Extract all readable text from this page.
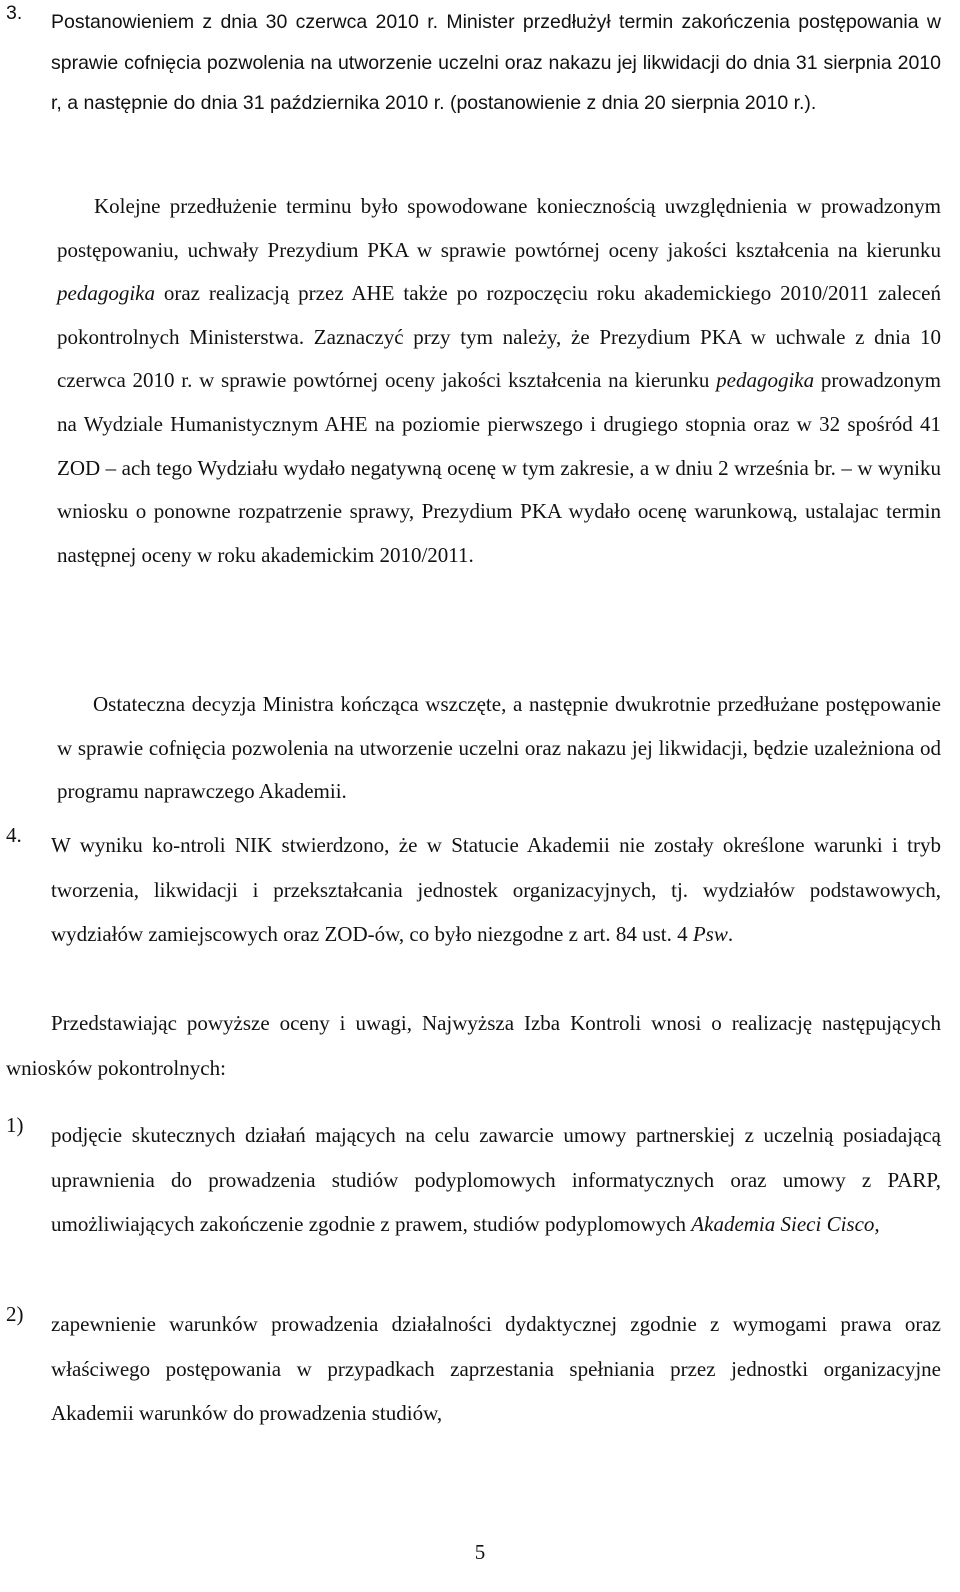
3. Postanowieniem z dnia 30 czerwca 2010 r. Minister przedłużył termin zakończenia postępowania w sprawie cofnięcia pozwolenia na utworzenie uczelni oraz nakazu jej likwidacji do dnia 31 sierpnia 2010 r, a następnie do dnia 31 października 2010 r. (postanowienie z dnia 20 sierpnia 2010 r.).

Kolejne przedłużenie terminu było spowodowane koniecznością uwzględnienia w prowadzonym postępowaniu, uchwały Prezydium PKA w sprawie powtórnej oceny jakości kształcenia na kierunku pedagogika oraz realizacją przez AHE także po rozpoczęciu roku akademickiego 2010/2011 zaleceń pokontrolnych Ministerstwa. Zaznaczyć przy tym należy, że Prezydium PKA w uchwale z dnia 10 czerwca 2010 r. w sprawie powtórnej oceny jakości kształcenia na kierunku pedagogika prowadzonym na Wydziale Humanistycznym AHE na poziomie pierwszego i drugiego stopnia oraz w 32 spośród 41 ZOD – ach tego Wydziału wydało negatywną ocenę w tym zakresie, a w dniu 2 września br. – w wyniku wniosku o ponowne rozpatrzenie sprawy, Prezydium PKA wydało ocenę warunkową, ustalajac termin następnej oceny w roku akademickim 2010/2011.

Ostateczna decyzja Ministra kończąca wszczęte, a następnie dwukrotnie przedłużane postępowanie w sprawie cofnięcia pozwolenia na utworzenie uczelni oraz nakazu jej likwidacji, będzie uzależniona od programu naprawczego Akademii.

4. W wyniku ko-ntroli NIK stwierdzono, że w Statucie Akademii nie zostały określone warunki i tryb tworzenia, likwidacji i przekształcania jednostek organizacyjnych, tj. wydziałów podstawowych, wydziałów zamiejscowych oraz ZOD-ów, co było niezgodne z art. 84 ust. 4 Psw.

Przedstawiając powyższe oceny i uwagi, Najwyższa Izba Kontroli wnosi o realizację następujących wniosków pokontrolnych:

1) podjęcie skutecznych działań mających na celu zawarcie umowy partnerskiej z uczelnią posiadającą uprawnienia do prowadzenia studiów podyplomowych informatycznych oraz umowy z PARP, umożliwiających zakończenie zgodnie z prawem, studiów podyplomowych Akademia Sieci Cisco,

2) zapewnienie warunków prowadzenia działalności dydaktycznej zgodnie z wymogami prawa oraz właściwego postępowania w przypadkach zaprzestania spełniania przez jednostki organizacyjne Akademii warunków do prowadzenia studiów,

5
